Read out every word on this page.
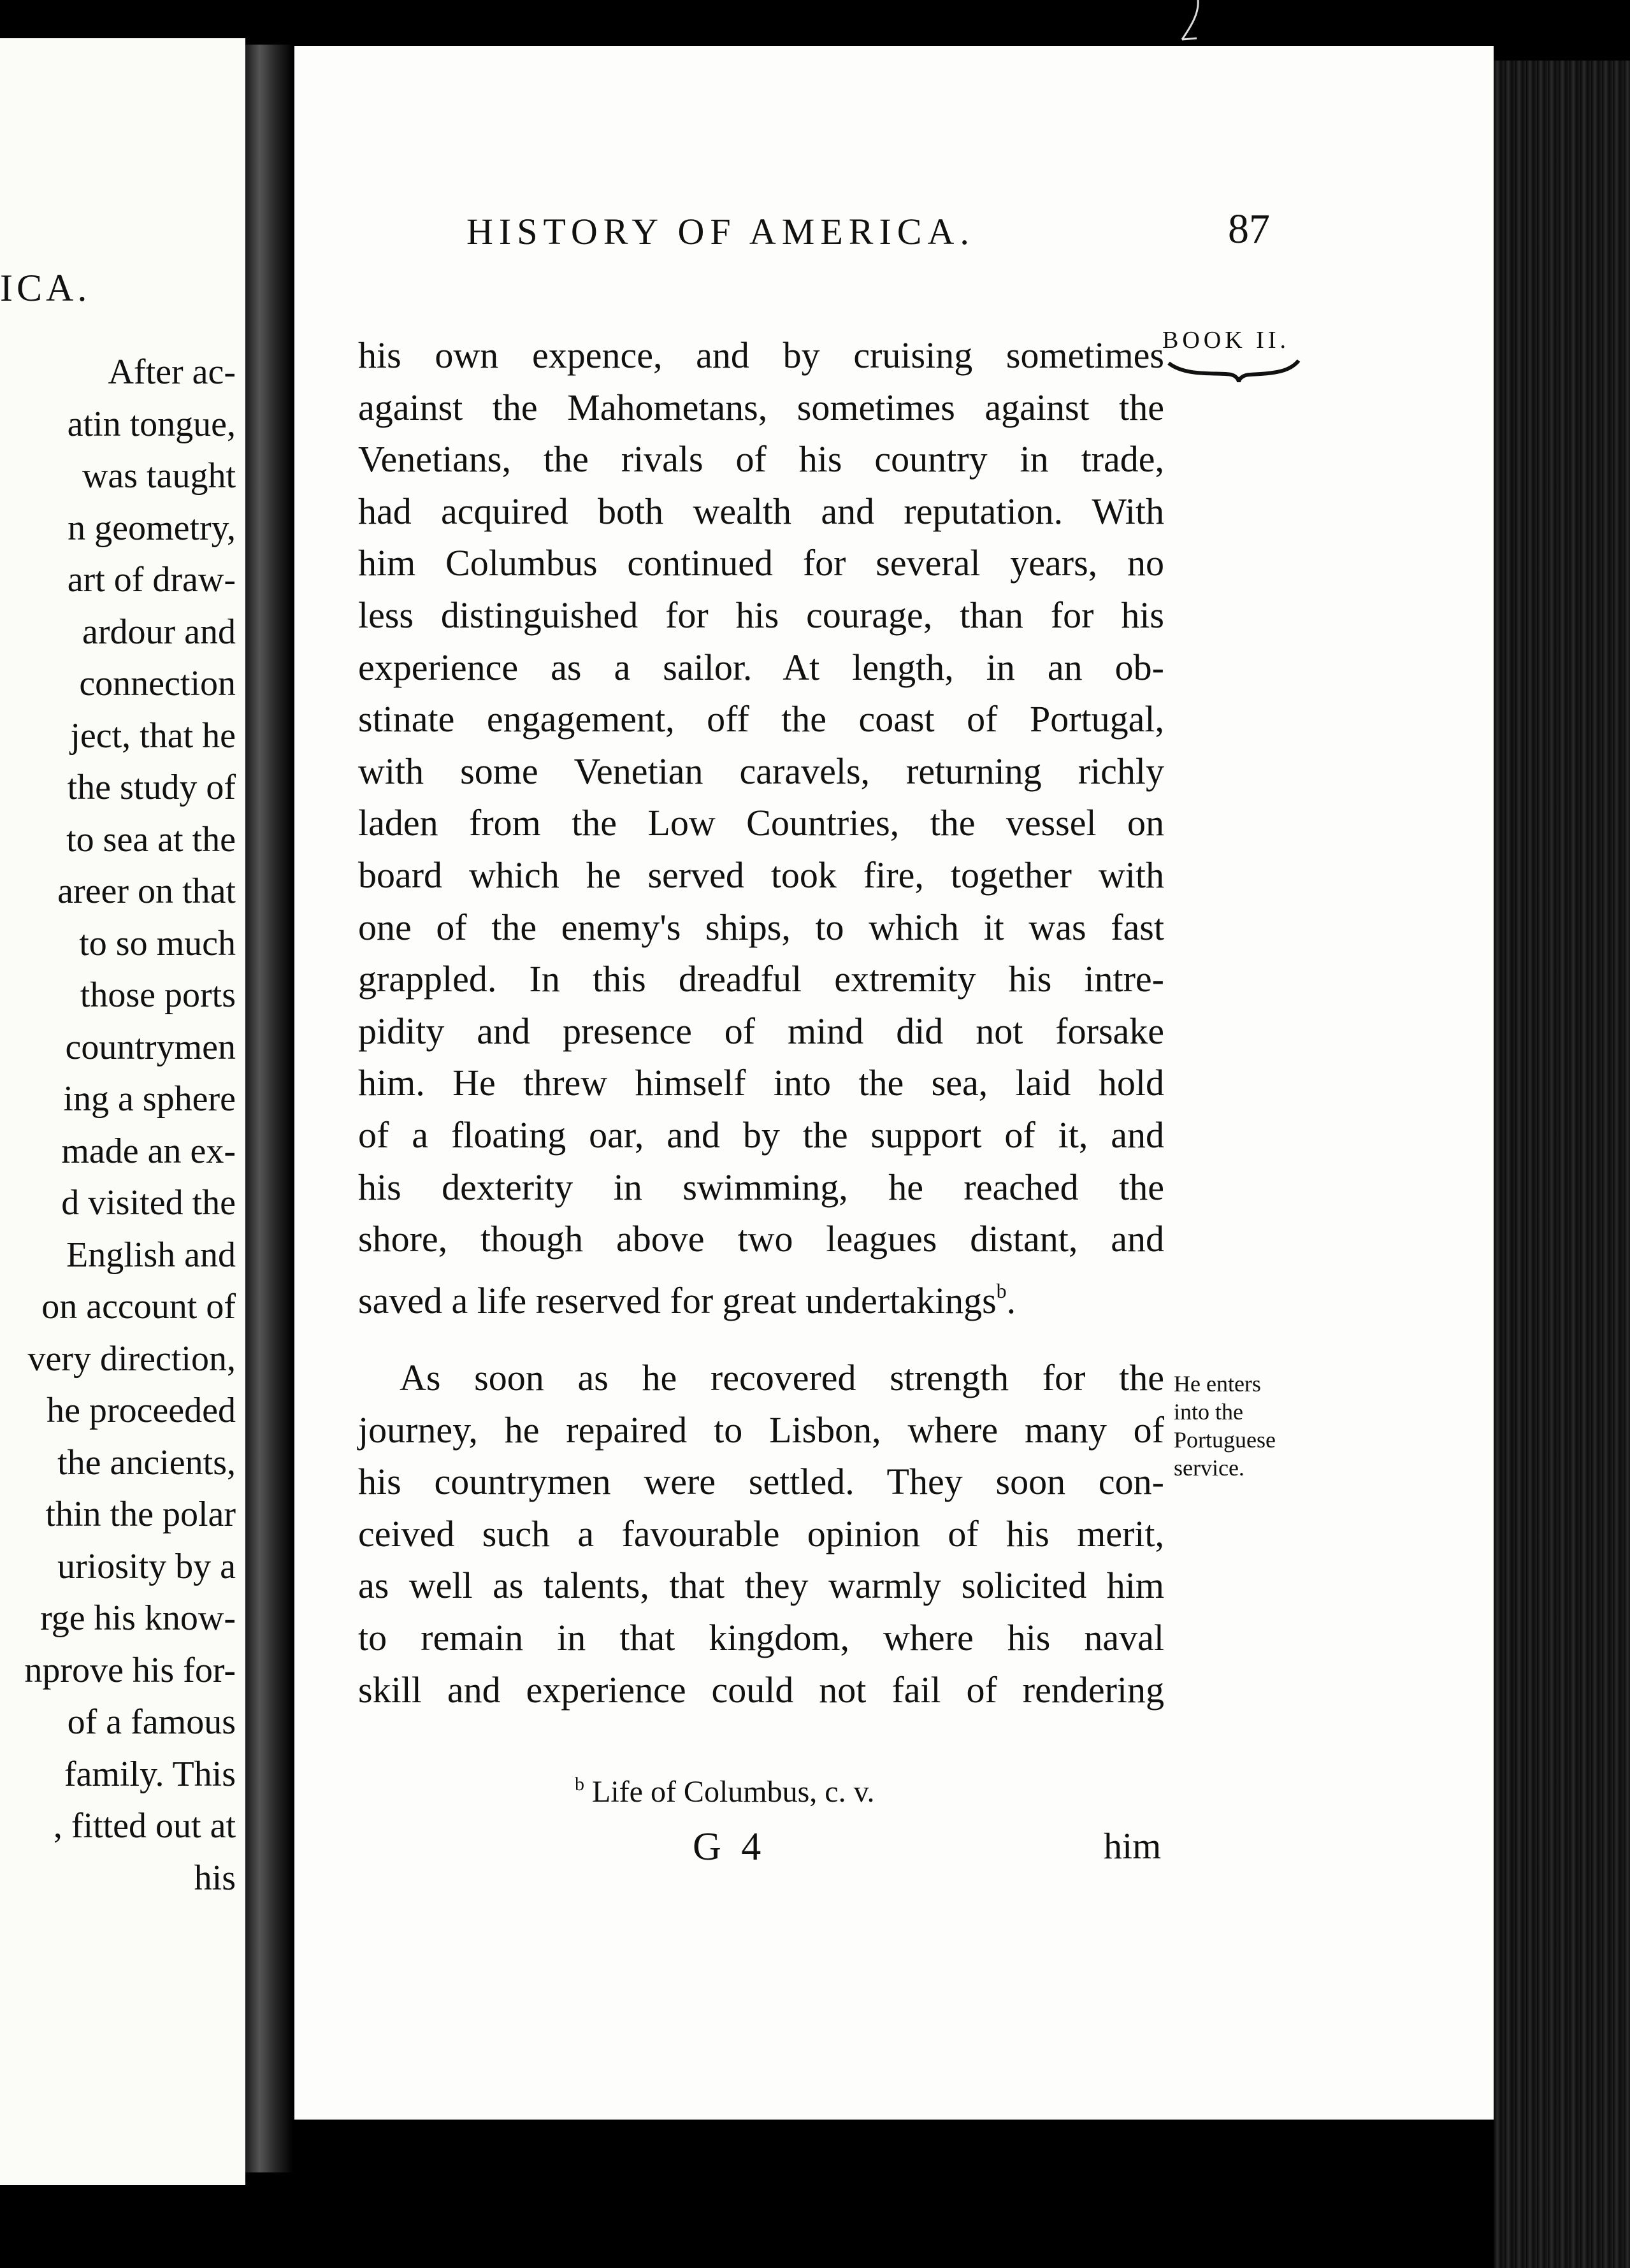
ICA.
After ac-
atin tongue,
was taught
n geometry,
art of draw-
ardour and
connection
ject, that he
the study of
to sea at the
areer on that
to so much
those ports
countrymen
ing a sphere
made an ex-
d visited the
English and
on account of
very direction,
he proceeded
the ancients,
thin the polar
uriosity by a
rge his know-
nprove his for-
of a famous
family. This
, fitted out at
his
HISTORY OF AMERICA.	87
BOOK II.
his own expence, and by cruising sometimes
against the Mahometans, sometimes against the
Venetians, the rivals of his country in trade,
had acquired both wealth and reputation. With
him Columbus continued for several years, no
less distinguished for his courage, than for his
experience as a sailor. At length, in an ob-
stinate engagement, off the coast of Portugal,
with some Venetian caravels, returning richly
laden from the Low Countries, the vessel on
board which he served took fire, together with
one of the enemy's ships, to which it was fast
grappled. In this dreadful extremity his intre-
pidity and presence of mind did not forsake
him. He threw himself into the sea, laid hold
of a floating oar, and by the support of it, and
his dexterity in swimming, he reached the
shore, though above two leagues distant, and
saved a life reserved for great undertakings$^b$.
As soon as he recovered strength for the
journey, he repaired to Lisbon, where many of
his countrymen were settled. They soon con-
ceived such a favourable opinion of his merit,
as well as talents, that they warmly solicited him
to remain in that kingdom, where his naval
skill and experience could not fail of rendering
He enters
into the
Portuguese
service.
$^b$ Life of Columbus, c. v.
G 4	him
